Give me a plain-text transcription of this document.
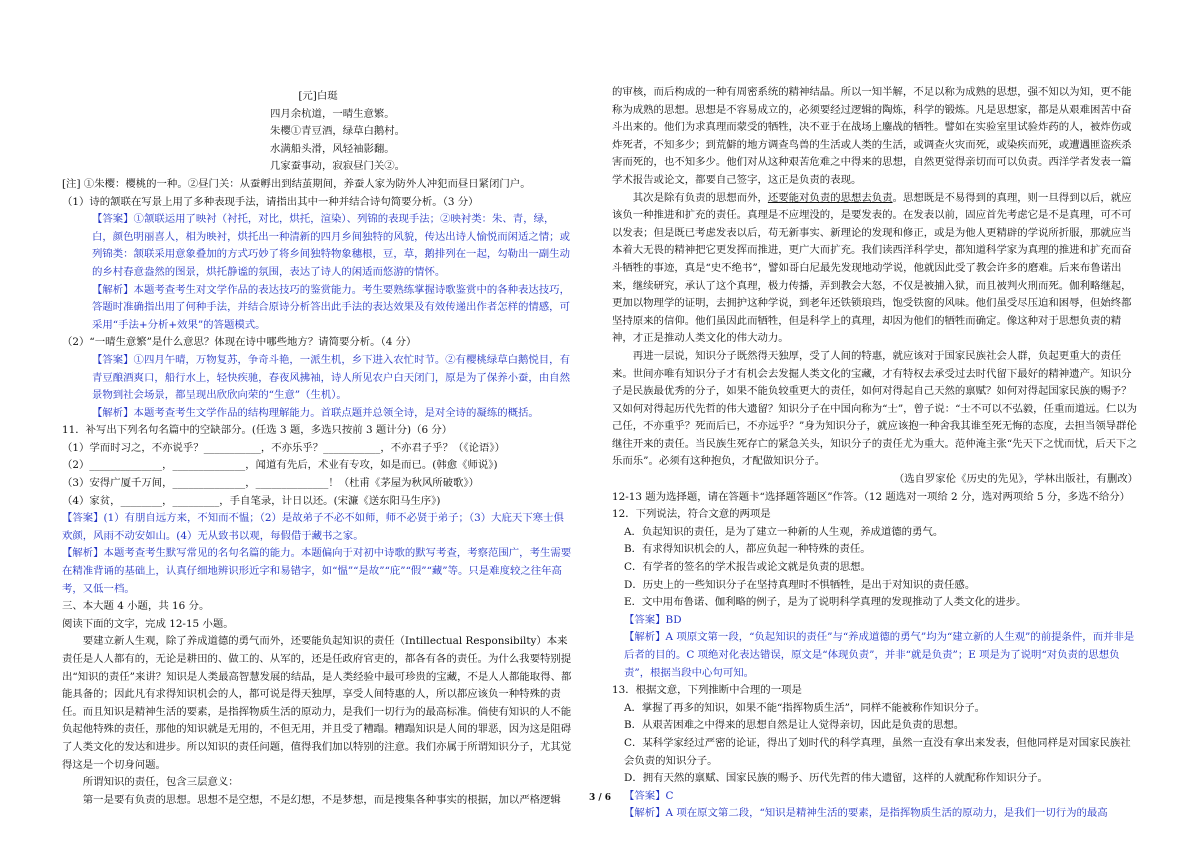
[元]白珽

四月余杭道，一晴生意繁。

朱樱①青豆酒，绿草白鹅村。

水满船头滑，风轻袖影翻。

几家蚕事动，寂寂昼门关②。

[注] ①朱樱：樱桃的一种。②昼门关：从蚕孵出到结茧期间，养蚕人家为防外人冲犯而昼日紧闭门户。

（1）诗的颔联在写景上用了多种表现手法，请指出其中一种并结合诗句简要分析。（3 分）

【答案】①颔联运用了映衬（衬托，对比，烘托，渲染）、列锦的表现手法；②映衬类：朱、青，绿，白，颜色明丽喜人，相为映衬，烘托出一种清新的四月乡间独特的风貌，传达出诗人愉悦而闲适之情；或列锦类：颔联采用意象叠加的方式巧妙了将乡间独特物象穗根，豆，草，鹅排列在一起，勾勒出一副生动的乡村春意盎然的图景，烘托静谧的氛围，表达了诗人的闲适而悠游的情怀。

【解析】本题考查考生对文学作品的表达技巧的鉴赏能力。考生要熟练掌握诗歌鉴赏中的各种表达技巧，答题时准确指出用了何种手法，并结合原诗分析答出此手法的表达效果及有效传递出作者怎样的情感，可采用“手法+分析+效果”的答题模式。

（2）“一晴生意繁”是什么意思？体现在诗中哪些地方？请简要分析。（4 分）

【答案】①四月午晴，万物复苏，争奇斗艳，一派生机，乡下进入农忙时节。②有樱桃绿草白鹅悦目，有青豆酿酒爽口，船行水上，轻快疾驰，春夜风拂袖，诗人所见农户白天闭门，原是为了保养小蚕，由自然景物到社会场景，都呈现出欣欣向荣的“生意”（生机）。

【解析】本题考查考生文学作品的结构理解能力。首联点题并总领全诗，是对全诗的凝练的概括。

11．补写出下列名句名篇中的空缺部分。(任选 3 题，多选只按前 3 题计分)（6 分）

（1）学而时习之，不亦说乎？___________，不亦乐乎？___________，不亦君子乎？（《论语》）

（2）______________，______________，闻道有先后，术业有专攻，如是而已。(韩愈《师说》)

（3）安得广厦千万间，______________，______________！（杜甫《茅屋为秋风所破歌》）

（4）家贫，________，_________，手自笔录，计日以还。(宋濂《送东阳马生序》)

【答案】(1）有朋自远方来，不知而不愠；（2）是故弟子不必不如师，师不必贤于弟子；（3）大庇天下寒士俱欢颜，风雨不动安如山。(4）无从致书以观，每假借于藏书之家。

【解析】本题考查考生默写常见的名句名篇的能力。本题偏向于对初中诗歌的默写考查，考察范围广，考生需要在精准背诵的基础上，认真仔细地辨识形近字和易错字，如“愠”“是故”“庇”“假”“藏”等。只是难度较之往年高考，又低一档。

三、本大题 4 小题，共 16 分。

阅读下面的文字，完成 12-15 小题。

要建立新人生观，除了养成道德的勇气而外，还要能负起知识的责任（Intillectual Responsibilty）本来责任是人人都有的，无论是耕田的、做工的、从军的，还是任政府官吏的，都各有各的责任。为什么我要特别提出“知识的责任”来讲？知识是人类最高智慧发展的结晶，是人类经验中最可珍贵的宝藏，不是人人都能取得、都能具备的；因此凡有求得知识机会的人，都可说是得天独厚，享受人间特惠的人，所以都应该负一种特殊的责任。而且知识是精神生活的要素，是指挥物质生活的原动力，是我们一切行为的最高标准。倘使有知识的人不能负起他特殊的责任，那他的知识就是无用的，不但无用，并且受了糟蹋。糟蹋知识是人间的罪恶，因为这是阻碍了人类文化的发达和进步。所以知识的责任问题，值得我们加以特别的注意。我们亦属于所谓知识分子，尤其觉得这是一个切身问题。

所谓知识的责任，包含三层意义：

第一是要有负责的思想。思想不是空想，不是幻想，不是梦想，而是搜集各种事实的根据，加以严格逻辑

的审核，而后构成的一种有周密系统的精神结晶。所以一知半解，不足以称为成熟的思想，强不知以为知，更不能称为成熟的思想。思想是不容易成立的，必须要经过逻辑的陶炼，科学的锻炼。凡是思想家，都是从艰难困苦中奋斗出来的。他们为求真理而蒙受的牺牲，决不亚于在战场上鏖战的牺牲。譬如在实验室里试验炸药的人，被炸伤或炸死者，不知多少；到荒僻的地方调查鸟兽的生活或人类的生活，或调查火灾而死，或染疾而死，或遭遇匪盗疾杀害而死的，也不知多少。他们对从这种艰苦危难之中得来的思想，自然更觉得亲切而可以负责。西洋学者发表一篇学术报告或论文，都要自己签字，这正是负责的表现。

其次是除有负责的思想而外，还要能对负责的思想去负责。思想既是不易得到的真理，则一旦得到以后，就应该负一种推进和扩充的责任。真理是不应埋没的，是要发表的。在发表以前，固应首先考虑它是不是真理，可不可以发表；但是既已考虑发表以后，苟无新事实、新理论的发现和修正，或是为他人更精辟的学说所折服，那就应当本着大无畏的精神把它更发挥而推进，更广大而扩充。我们读西洋科学史，都知道科学家为真理的推进和扩充而奋斗牺牲的事迹，真是“史不绝书”，譬如哥白尼最先发现地动学说，他就因此受了教会许多的磨难。后来布鲁诺出来，继续研究，承认了这个真理，极力传播，弄到教会大怒，不仅是被捕入狱，而且被判火刑而死。伽利略继起，更加以物理学的证明，去拥护这种学说，到老年还铁锁琅珰，饱受铁窗的风味。他们虽受尽压迫和困辱，但始终都坚持原来的信仰。他们虽因此而牺牲，但是科学上的真理，却因为他们的牺牲而确定。像这种对于思想负责的精神，才正是推动人类文化的伟大动力。

再进一层说，知识分子既然得天独厚，受了人间的特惠，就应该对于国家民族社会人群，负起更重大的责任来。世间亦唯有知识分子才有机会去发掘人类文化的宝藏，才有特权去承受过去时代留下最好的精神遗产。知识分子是民族最优秀的分子，如果不能负较重更大的责任，如何对得起自己天然的禀赋？如何对得起国家民族的赐予？又如何对得起历代先哲的伟大遗留？知识分子在中国向称为“士”，曾子说：“士不可以不弘毅，任重而道远。仁以为己任，不亦重乎？死而后已，不亦远乎？”身为知识分子，就应该抱一种舍我其谁至死无悔的态度，去担当领导群伦继往开来的责任。当民族生死存亡的紧急关头，知识分子的责任尤为重大。范仲淹主张“先天下之忧而忧，后天下之乐而乐”。必须有这种抱负，才配做知识分子。

（选自罗家伦《历史的先见》，学林出版社，有删改）

12-13 题为选择题，请在答题卡“选择题答题区”作答。（12 题选对一项给 2 分，选对两项给 5 分，多选不给分）

12．下列说法，符合文意的两项是

A．负起知识的责任，是为了建立一种新的人生观，养成道德的勇气。

B．有求得知识机会的人，都应负起一种特殊的责任。

C．有学者的签名的学术报告或论文就是负责的思想。

D．历史上的一些知识分子在坚持真理时不惧牺牲，是出于对知识的责任感。

E．文中用布鲁诺、伽利略的例子，是为了说明科学真理的发现推动了人类文化的进步。

【答案】BD

【解析】A 项原文第一段，“负起知识的责任”与“养成道德的勇气”均为“建立新的人生观”的前提条件，而并非是后者的目的。C 项绝对化表达错误，原文是“体现负责”，并非“就是负责”；E 项是为了说明“对负责的思想负责”，根据当段中心句可知。

13．根据文意，下列推断中合理的一项是

A．掌握了再多的知识，如果不能“指挥物质生活”，同样不能被称作知识分子。

B．从艰苦困难之中得来的思想自然是让人觉得亲切，因此是负责的思想。

C．某科学家经过严密的论证，得出了划时代的科学真理，虽然一直没有拿出来发表，但他同样是对国家民族社会负责的知识分子。

D．拥有天然的禀赋、国家民族的赐予、历代先哲的伟大遗留，这样的人就配称作知识分子。

【答案】C

【解析】A 项在原文第二段，“知识是精神生活的要素，是指挥物质生活的原动力，是我们一切行为的最高

3 / 6
